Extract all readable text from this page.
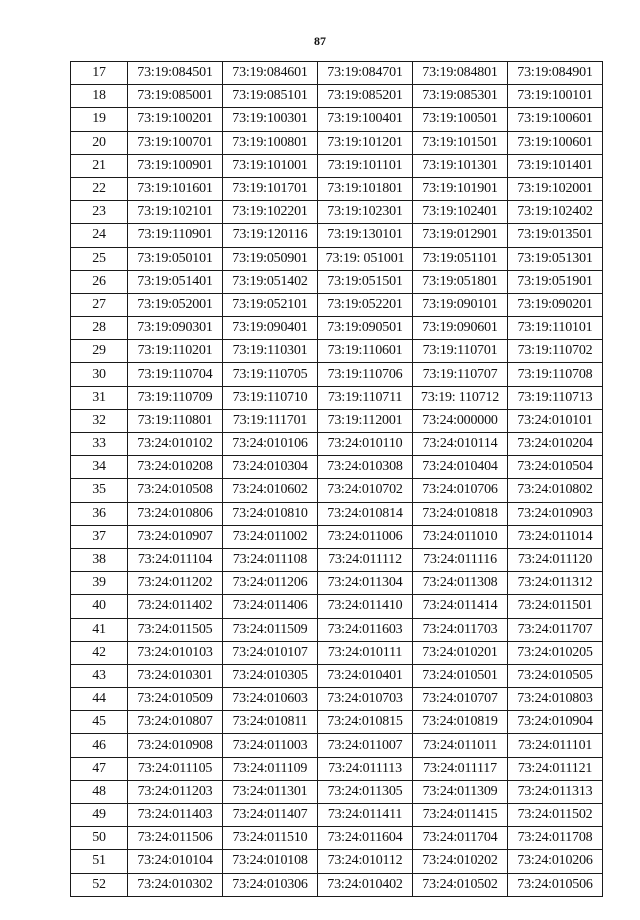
87
17	73:19:084501	73:19:084601	73:19:084701	73:19:084801	73:19:084901
18	73:19:085001	73:19:085101	73:19:085201	73:19:085301	73:19:100101
19	73:19:100201	73:19:100301	73:19:100401	73:19:100501	73:19:100601
20	73:19:100701	73:19:100801	73:19:101201	73:19:101501	73:19:100601
21	73:19:100901	73:19:101001	73:19:101101	73:19:101301	73:19:101401
22	73:19:101601	73:19:101701	73:19:101801	73:19:101901	73:19:102001
23	73:19:102101	73:19:102201	73:19:102301	73:19:102401	73:19:102402
24	73:19:110901	73:19:120116	73:19:130101	73:19:012901	73:19:013501
25	73:19:050101	73:19:050901	73:19: 051001	73:19:051101	73:19:051301
26	73:19:051401	73:19:051402	73:19:051501	73:19:051801	73:19:051901
27	73:19:052001	73:19:052101	73:19:052201	73:19:090101	73:19:090201
28	73:19:090301	73:19:090401	73:19:090501	73:19:090601	73:19:110101
29	73:19:110201	73:19:110301	73:19:110601	73:19:110701	73:19:110702
30	73:19:110704	73:19:110705	73:19:110706	73:19:110707	73:19:110708
31	73:19:110709	73:19:110710	73:19:110711	73:19: 110712	73:19:110713
32	73:19:110801	73:19:111701	73:19:112001	73:24:000000	73:24:010101
33	73:24:010102	73:24:010106	73:24:010110	73:24:010114	73:24:010204
34	73:24:010208	73:24:010304	73:24:010308	73:24:010404	73:24:010504
35	73:24:010508	73:24:010602	73:24:010702	73:24:010706	73:24:010802
36	73:24:010806	73:24:010810	73:24:010814	73:24:010818	73:24:010903
37	73:24:010907	73:24:011002	73:24:011006	73:24:011010	73:24:011014
38	73:24:011104	73:24:011108	73:24:011112	73:24:011116	73:24:011120
39	73:24:011202	73:24:011206	73:24:011304	73:24:011308	73:24:011312
40	73:24:011402	73:24:011406	73:24:011410	73:24:011414	73:24:011501
41	73:24:011505	73:24:011509	73:24:011603	73:24:011703	73:24:011707
42	73:24:010103	73:24:010107	73:24:010111	73:24:010201	73:24:010205
43	73:24:010301	73:24:010305	73:24:010401	73:24:010501	73:24:010505
44	73:24:010509	73:24:010603	73:24:010703	73:24:010707	73:24:010803
45	73:24:010807	73:24:010811	73:24:010815	73:24:010819	73:24:010904
46	73:24:010908	73:24:011003	73:24:011007	73:24:011011	73:24:011101
47	73:24:011105	73:24:011109	73:24:011113	73:24:011117	73:24:011121
48	73:24:011203	73:24:011301	73:24:011305	73:24:011309	73:24:011313
49	73:24:011403	73:24:011407	73:24:011411	73:24:011415	73:24:011502
50	73:24:011506	73:24:011510	73:24:011604	73:24:011704	73:24:011708
51	73:24:010104	73:24:010108	73:24:010112	73:24:010202	73:24:010206
52	73:24:010302	73:24:010306	73:24:010402	73:24:010502	73:24:010506
